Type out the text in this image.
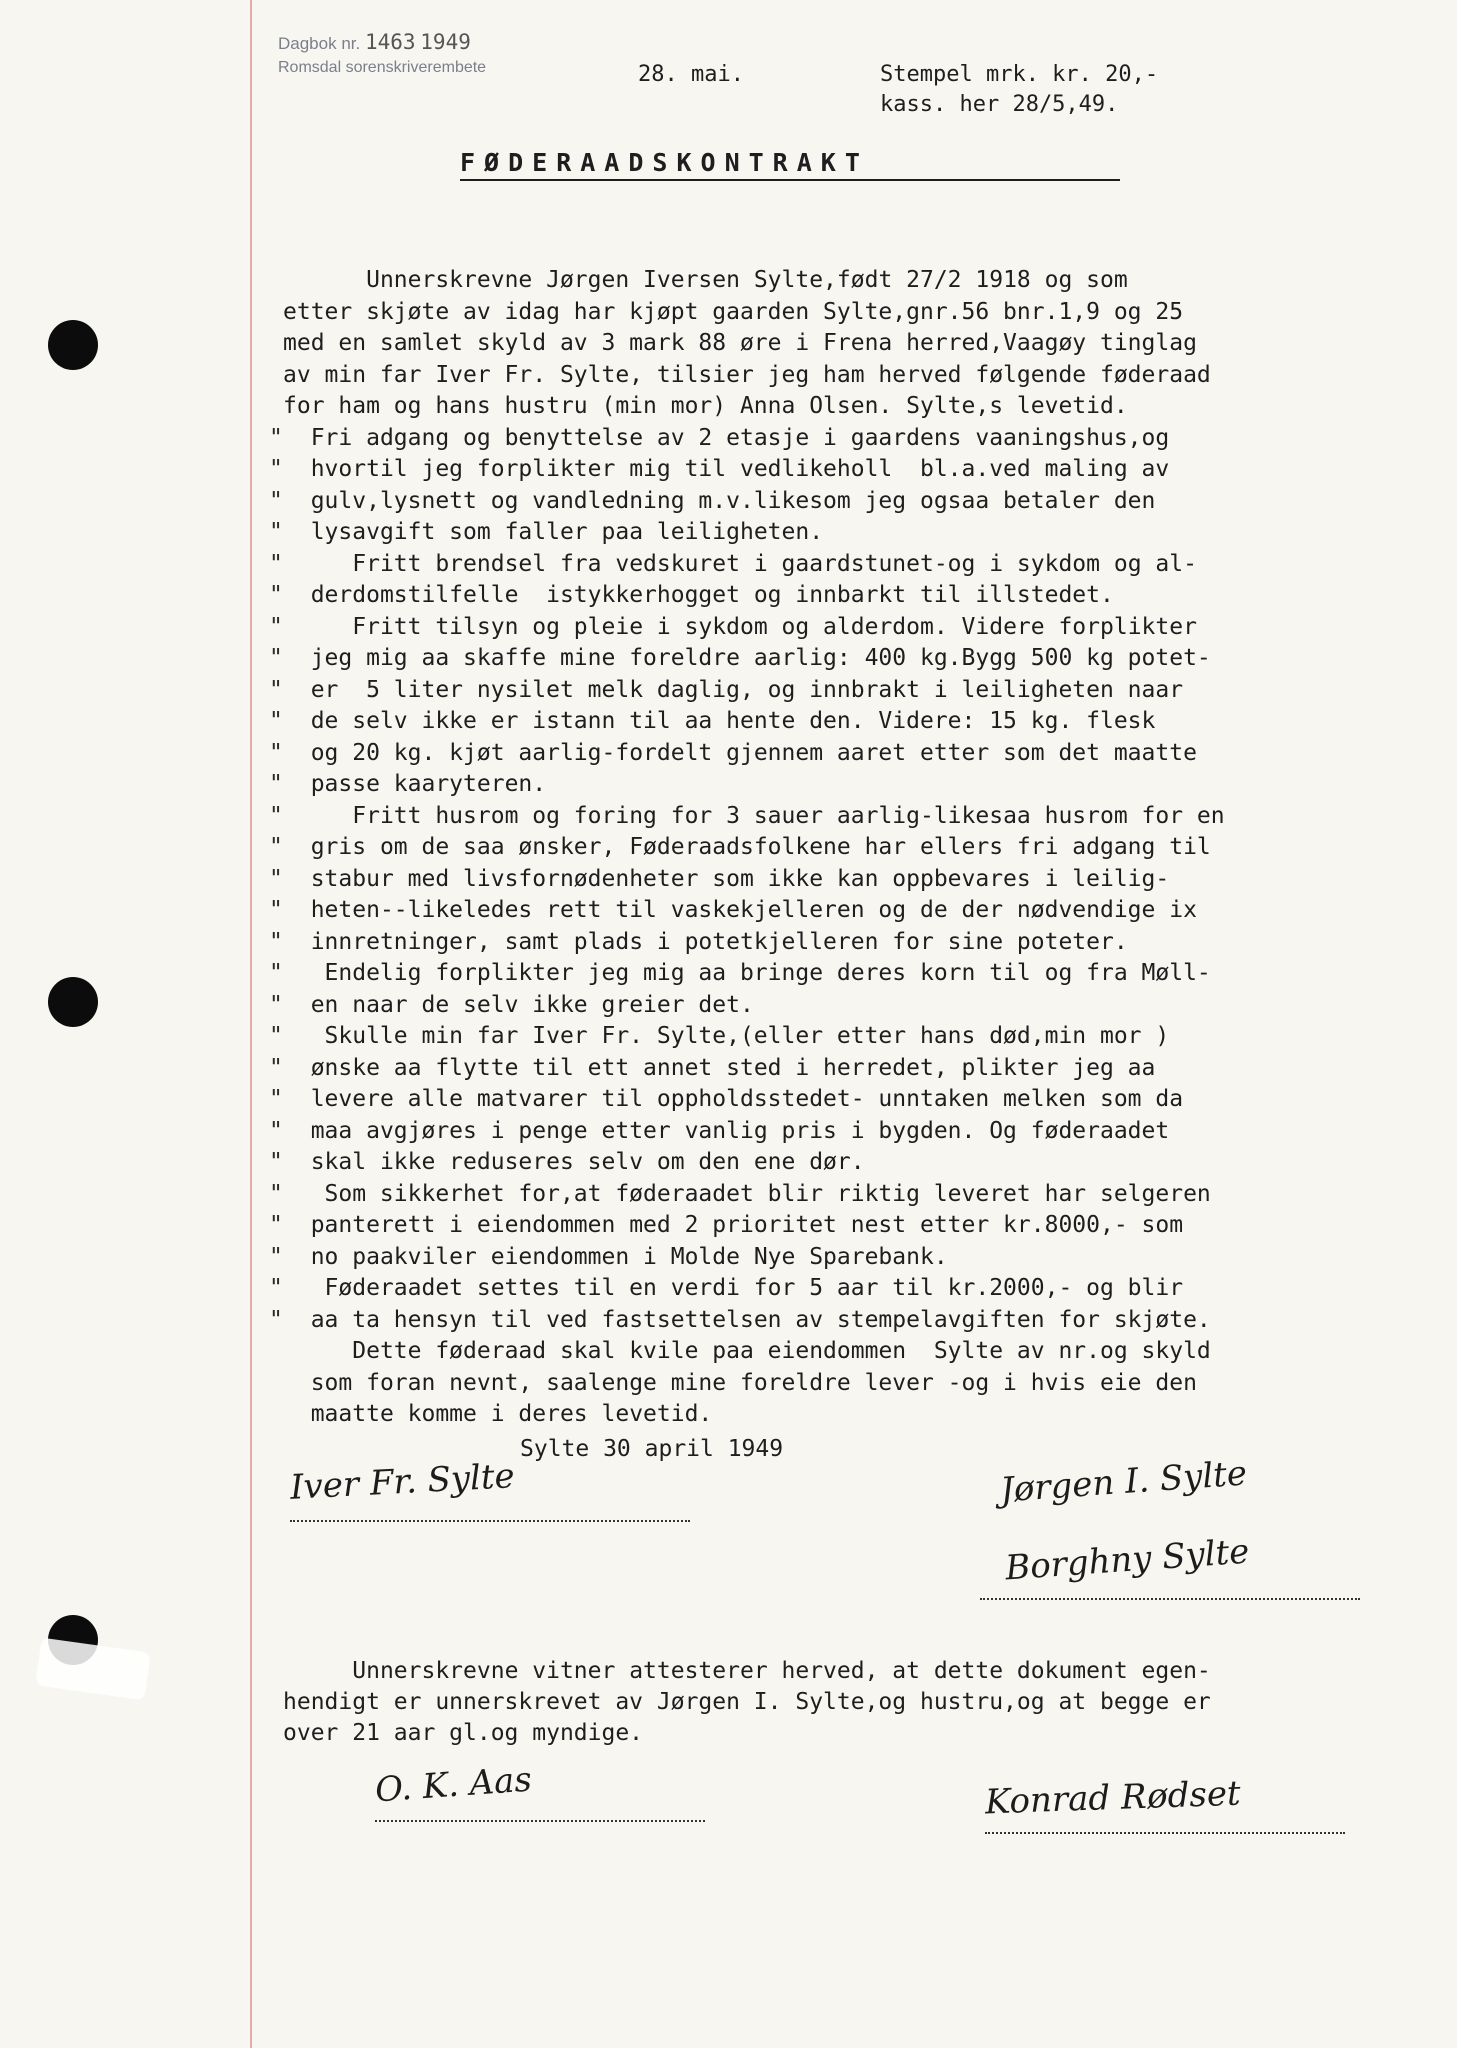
Dagbok nr. 1463 1949
Romsdal sorenskriverembete	28. mai.	Stempel mrk. kr. 20,-
kass. her 28/5,49.
FØDERAADSKONTRAKT
Unnerskrevne Jørgen Iversen Sylte,født 27/2 1918 og som
etter skjøte av idag har kjøpt gaarden Sylte,gnr.56 bnr.1,9 og 25
med en samlet skyld av 3 mark 88 øre i Frena herred,Vaagøy tinglag
av min far Iver Fr. Sylte, tilsier jeg ham herved følgende føderaad
for ham og hans hustru (min mor) Anna Olsen. Sylte,s levetid.
" Fri adgang og benyttelse av 2 etasje i gaardens vaaningshus,og
" hvortil jeg forplikter mig til vedlikeholl  bl.a.ved maling av
" gulv,lysnett og vandledning m.v.likesom jeg ogsaa betaler den
" lysavgift som faller paa leiligheten.
"	Fritt brendsel fra vedskuret i gaardstunet-og i sykdom og al-
" derdomstilfelle  istykkerhogget og innbarkt til illstedet.
"	Fritt tilsyn og pleie i sykdom og alderdom. Videre forplikter
" jeg mig aa skaffe mine foreldre aarlig: 400 kg.Bygg 500 kg potet-
" er  5 liter nysilet melk daglig, og innbrakt i leiligheten naar
" de selv ikke er istann til aa hente den. Videre: 15 kg. flesk
" og 20 kg. kjøt aarlig-fordelt gjennem aaret etter som det maatte
" passe kaaryteren.
"	Fritt husrom og foring for 3 sauer aarlig-likesaa husrom for en
" gris om de saa ønsker, Føderaadsfolkene har ellers fri adgang til
" stabur med livsfornødenheter som ikke kan oppbevares i leilig-
" heten--likeledes rett til vaskekjelleren og de der nødvendige ix
" innretninger, samt plads i potetkjelleren for sine poteter.
" Endelig forplikter jeg mig aa bringe deres korn til og fra Møll-
" en naar de selv ikke greier det.
" Skulle min far Iver Fr. Sylte,(eller etter hans død,min mor )
" ønske aa flytte til ett annet sted i herredet, plikter jeg aa
" levere alle matvarer til oppholdsstedet- unntaken melken som da
" maa avgjøres i penge etter vanlig pris i bygden. Og føderaadet
" skal ikke reduseres selv om den ene dør.
" Som sikkerhet for,at føderaadet blir riktig leveret har selgeren
" panterett i eiendommen med 2 prioritet nest etter kr.8000,- som
" no paakviler eiendommen i Molde Nye Sparebank.
" Føderaadet settes til en verdi for 5 aar til kr.2000,- og blir
" aa ta hensyn til ved fastsettelsen av stempelavgiften for skjøte.
Dette føderaad skal kvile paa eiendommen  Sylte av nr.og skyld
som foran nevnt, saalenge mine foreldre lever -og i hvis eie den
maatte komme i deres levetid.
Sylte 30 april 1949
Iver Fr. Sylte	Jørgen I. Sylte
Borghny Sylte
Unnerskrevne vitner attesterer herved, at dette dokument egen-
hendigt er unnerskrevet av Jørgen I. Sylte,og hustru,og at begge er
over 21 aar gl.og myndige.
O. K. Aas	Konrad Rødset
